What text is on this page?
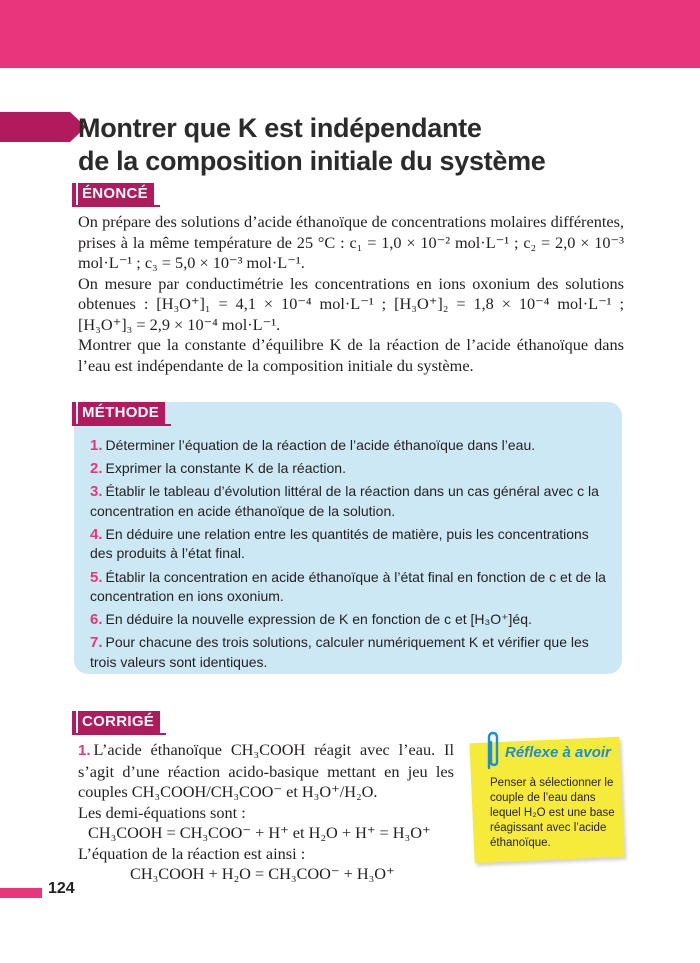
Montrer que K est indépendante
de la composition initiale du système
ÉNONCÉ

On prépare des solutions d’acide éthanoïque de concentrations molaires différentes, prises à la même température de 25 °C : c₁ = 1,0 × 10⁻² mol·L⁻¹ ; c₂ = 2,0 × 10⁻³ mol·L⁻¹ ; c₃ = 5,0 × 10⁻³ mol·L⁻¹.

On mesure par conductimétrie les concentrations en ions oxonium des solutions obtenues : [H₃O⁺]₁ = 4,1 × 10⁻⁴ mol·L⁻¹ ; [H₃O⁺]₂ = 1,8 × 10⁻⁴ mol·L⁻¹ ; [H₃O⁺]₃ = 2,9 × 10⁻⁴ mol·L⁻¹.

Montrer que la constante d’équilibre K de la réaction de l’acide éthanoïque dans l’eau est indépendante de la composition initiale du système.

MÉTHODE
1. Déterminer l’équation de la réaction de l’acide éthanoïque dans l’eau.
2. Exprimer la constante K de la réaction.
3. Établir le tableau d’évolution littéral de la réaction dans un cas général avec c la concentration en acide éthanoïque de la solution.
4. En déduire une relation entre les quantités de matière, puis les concentrations des produits à l’état final.
5. Établir la concentration en acide éthanoïque à l’état final en fonction de c et de la concentration en ions oxonium.
6. En déduire la nouvelle expression de K en fonction de c et [H₃O⁺]éq.
7. Pour chacune des trois solutions, calculer numériquement K et vérifier que les trois valeurs sont identiques.
CORRIGÉ

1. L’acide éthanoïque CH₃COOH réagit avec l’eau. Il s’agit d’une réaction acido-basique mettant en jeu les couples CH₃COOH/CH₃COO⁻ et H₃O⁺/H₂O.

Les demi-équations sont :

CH₃COOH = CH₃COO⁻ + H⁺ et H₂O + H⁺ = H₃O⁺

L’équation de la réaction est ainsi :

CH₃COOH + H₂O = CH₃COO⁻ + H₃O⁺

Réflexe à avoir
Penser à sélectionner le couple de l’eau dans lequel H₂O est une base réagissant avec l’acide éthanoïque.
124
